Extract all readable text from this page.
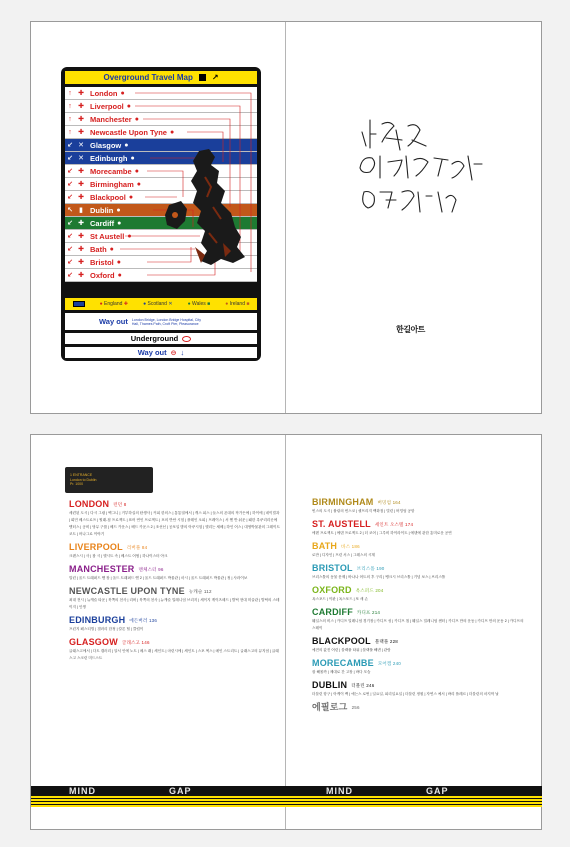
Overground Travel Map ↗
↑ ✚ London ●
↑ ✚ Liverpool ●
↑ ✚ Manchester ●
↑ ✚ Newcastle Upon Tyne ●
↙ ✕ Glasgow ●
↙ ✕ Edinburgh ●
↙ ✚ Morecambe ●
↙ ✚ Birmingham ●
↙ ✚ Blackpool ●
↖ ▮ Dublin ●
↙ ✚ Cardiff ●
↙ ✚ St Austell ●
↙ ✚ Bath ●
↙ ✚ Bristol ●
↙ ✚ Oxford ●
● England ✚	● Scotland ✕	● Wales ■	● Ireland ■
Way out London Bridge, London Bridge Hospital, City Hall, Thames Path, Croft Pier, Pleasurance
Underground
Way out ⊖ ↓
한길아트
1 ENTRANCE
London to Dublin
Pr. 1000
LONDON 런던 8
세련된 도시 | 다시 그림 | 벡그니 | 거부하실의 탄생사 | 커피 한의스 | 통통열에서 | 캐스 피스 | 들스의 폰대의 작가든에 | 하이에 | 네이빌과 | 회민 베스트로프 | 힐래-첨 프로젝트 | 표어 연인 프로젝트 | 포의 반안 시험 | 플레인 오피 | 프레이스 | 서 엔 반 쉬운 | 패한 록쿠리리곳에 엔터스 | 공비 | 당무 구룹 | 베드 카운스 | 베드 카운스 2 | 조선선 | 공포일 밤의 아쿠시험 | 엘리는 세베 | 하인 어스 | 대영박물관의 그레이트 코트 | 어나그로 이야기
LIVERPOOL 리버풀 84
크랜스시 | 사 | 참 시 | 엘시트 속 | 베스트 어썸 | 하나이스터 아크
MANCHESTER 맨체스터 96
말린 | 올드 트래퍼드 엔 장 | 올드 트래퍼드 엔 2 | 올드 트래퍼드 박물관 | 마시 | 올드 트래퍼드 박물관 | 정 | 사라이보
NEWCASTLE UPON TYNE 뉴캐슬 112
최대 전시 | 뉴캐슬 타운 | 북쪽의 천사 | 리버 | 북쪽의 천사 | 뉴캐슬 밀레니엄 브리지 | 세이지 게이츠헤드 | 발틱 현대 미술관 | 발틱의 스테이지 | 인생
EDINBURGH 에든버러 136
프린지 페스티벌 | 겔러리 한정 | 칼톤 힐 | 클럽이
GLASGOW 글래스고 146
글래스고에서 | 다트 갤러리 | 알서 인에 노트 | 메스 래 | 세인트 | 마린시에 | 세인트 | 스포 섹스 | 메인 스트리트 | 글래스고의 뮤지엄 | 글래스고 스크린 미드스트
MIND	GAP
BIRMINGHAM 버밍엄 164
빈스의 도시 | 불링의 빈스코 | 셀프리지 백화점 | 빌린 | 버밍엄 공항
ST. AUSTELL 세인트 오스텔 174
에덴 프로젝트 | 에덴 프로젝트 2 | 더 코어 | 그루비 하이라이트 | 에덴에 관한 흥미로운 공연
BATH 바스 186
로만 | 디자인 | 프린 서스 | 그레스의 시계
BRISTOL 브리스틀 190
브리스틀의 동물 문제 | 바나나 어트의 후 구리 | 뱅크시 브리스톨 | 기념 보스 | 브리스톨
OXFORD 옥스퍼드 204
옥스포드 | 이판 | 옥스포드 | 또 새 손
CARDIFF 카디프 214
웨일스의 비스 | 카디프 밀레니엄 경기장 | 카디프 성 | 카디프 첩 | 웨일스 밀레니엄 센터 | 카디프 만의 운동 | 카디프 만의 운동 2 | 카디프의 스테이
BLACKPOOL 블랙풀 228
예전의 값진 어린 | 블랙풀 타워 | 블랙풀 해변 | 관람
MORECAMBE 모어캠 240
잘 해볼까 | 제대로 간 고장 | 바다 모습
DUBLIN 더블린 246
더블린 항구 | 아케이 백 | 애는스 로번 | 일요일, 피리일요일 | 더블린 정원 | 자연스 예서 | 바리 플레르 | 더블린의 마지막 날
에필로그 256
MIND	GAP
